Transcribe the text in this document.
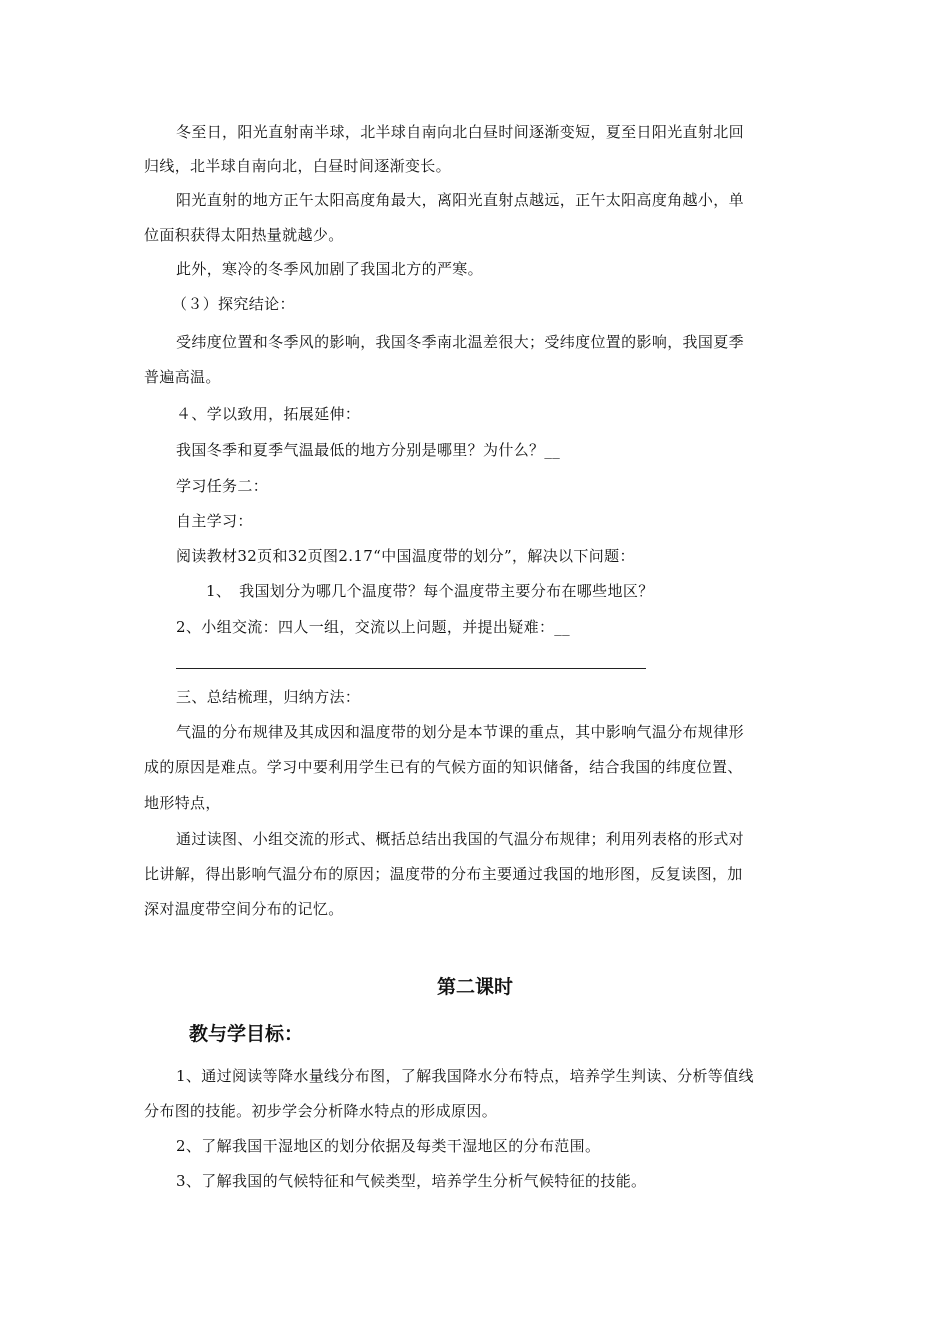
冬至日，阳光直射南半球，北半球自南向北白昼时间逐渐变短，夏至日阳光直射北回
归线，北半球自南向北，白昼时间逐渐变长。
阳光直射的地方正午太阳高度角最大，离阳光直射点越远，正午太阳高度角越小，单
位面积获得太阳热量就越少。
此外，寒冷的冬季风加剧了我国北方的严寒。
（３）探究结论：
受纬度位置和冬季风的影响，我国冬季南北温差很大；受纬度位置的影响，我国夏季
普遍高温。
４、学以致用，拓展延伸：
我国冬季和夏季气温最低的地方分别是哪里？为什么？__
学习任务二：
自主学习：
阅读教材32页和32页图2.17“中国温度带的划分”，解决以下问题：
1、　我国划分为哪几个温度带？每个温度带主要分布在哪些地区？
2、小组交流：四人一组，交流以上问题，并提出疑难：__
三、总结梳理，归纳方法：
气温的分布规律及其成因和温度带的划分是本节课的重点，其中影响气温分布规律形
成的原因是难点。学习中要利用学生已有的气候方面的知识储备，结合我国的纬度位置、
地形特点，
通过读图、小组交流的形式、概括总结出我国的气温分布规律；利用列表格的形式对
比讲解，得出影响气温分布的原因；温度带的分布主要通过我国的地形图，反复读图，加
深对温度带空间分布的记忆。
第二课时
教与学目标：
1、通过阅读等降水量线分布图，了解我国降水分布特点，培养学生判读、分析等值线
分布图的技能。初步学会分析降水特点的形成原因。
2、了解我国干湿地区的划分依据及每类干湿地区的分布范围。
3、了解我国的气候特征和气候类型，培养学生分析气候特征的技能。
